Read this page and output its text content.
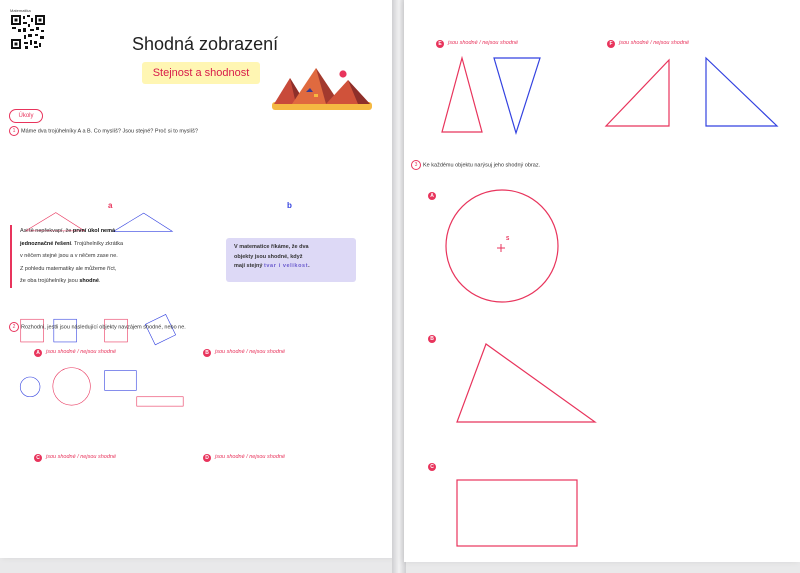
Matematika
Shodná zobrazení
Stejnost a shodnost
Úkoly
1 Máme dva trojúhelníky A a B. Co myslíš? Jsou stejné? Proč si to myslíš?
a	b
Asi tě nepřekvapí, že první úkol nemá
jednoznačné řešení. Trojúhelníky zkrátka
v něčem stejné jsou a v něčem zase ne.
Z pohledu matematiky ale můžeme říct,
že oba trojúhelníky jsou shodné.
V matematice říkáme, že dva
objekty jsou shodné, když
mají stejný tvar i velikost.
2 Rozhodni, jestli jsou následující objekty navzájem shodné, nebo ne.
A	jsou shodné / nejsou shodné	B	jsou shodné / nejsou shodné
C	jsou shodné / nejsou shodné	D	jsou shodné / nejsou shodné
E	jsou shodné / nejsou shodné	F	jsou shodné / nejsou shodné
S
3 Ke každému objektu narýsuj jeho shodný obraz.
A
B
C
